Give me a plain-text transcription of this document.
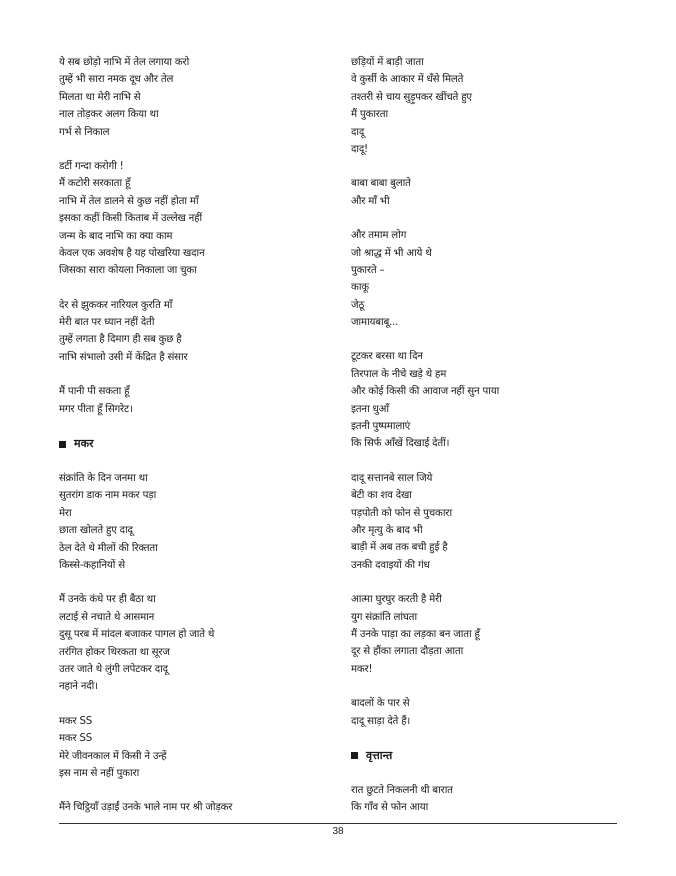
ये सब छोड़ो नाभि में तेल लगाया करो
तुम्हें भी सारा नमक दूध और तेल
मिलता था मेरी नाभि से
नाल तोड़कर अलग किया था
गर्भ से निकाल
डर्टी गन्दा करोगी !
मैं कटोरी सरकाता हूँ
नाभि में तेल डालने से कुछ नहीं होता माँ
इसका कहीं किसी किताब में उल्लेख नहीं
जन्म के बाद नाभि का क्या काम
केवल एक अवशेष है यह पोखरिया खदान
जिसका सारा कोयला निकाला जा चुका
देर से झुककर नारियल कुरति माँ
मेरी बात पर ध्यान नहीं देती
तुम्हें लगता है दिमाग ही सब कुछ है
नाभि संभालो उसी में केंद्रित है संसार
मैं पानी पी सकता हूँ
मगर पीता हूँ सिगरेट।
मकर
संक्रांति के दिन जनमा था
सुतरांग डाक नाम मकर पड़ा
मेरा
छाता खोलते हुए दादू
ठेल देते थे मीलों की रिक्तता
किस्से-कहानियों से
मैं उनके कंधे पर ही बैठा था
लटाई से नचाते थे आसमान
दुसू परब में मांदल बजाकर पागल हो जाते थे
तरंगित होकर थिरकता था सूरज
उतर जाते थे लुंगी लपेटकर दादू
नहाने नदी।
मकर SS
मकर SS
मेरे जीवनकाल में किसी ने उन्हें
इस नाम से नहीं पुकारा
मैंने चिट्ठियाँ उड़ाईं उनके भाले नाम पर श्री जोड़कर
छड़ियों में बाड़ी जाता
वे कुर्सी के आकार में धँसे मिलते
तश्तरी से चाय सुड़ुपकर खींचते हुए
मैं पुकारता
दादू
दादू!
बाबा बाबा बुलाते
और माँ भी
और तमाम लोग
जो श्राद्ध में भी आये थे
पुकारते –
काकू
जेठू
जामायबाबू...
टूटकर बरसा था दिन
तिरपाल के नीचे खड़े थे हम
और कोई किसी की आवाज नहीं सुन पाया
इतना धुआँ
इतनी पुष्पमालाएं
कि सिर्फ आँखें दिखाई देतीं।
दादू सत्तानबे साल जिये
बेटी का शव देखा
पड़पोती को फोन से पुचकारा
और मृत्यु के बाद भी
बाड़ी में अब तक बची हुई है
उनकी दवाइयों की गंध
आत्मा घुरघुर करती है मेरी
युग संक्रांति लांघता
मैं उनके पाड़ा का लड़का बन जाता हूँ
दूर से हौंका लगाता दौड़ता आता
मकर!
बादलों के पार से
दादू साड़ा देते हैं।
वृत्तान्त
रात छुटते निकलनी थी बारात
कि गाँव से फोन आया
38
